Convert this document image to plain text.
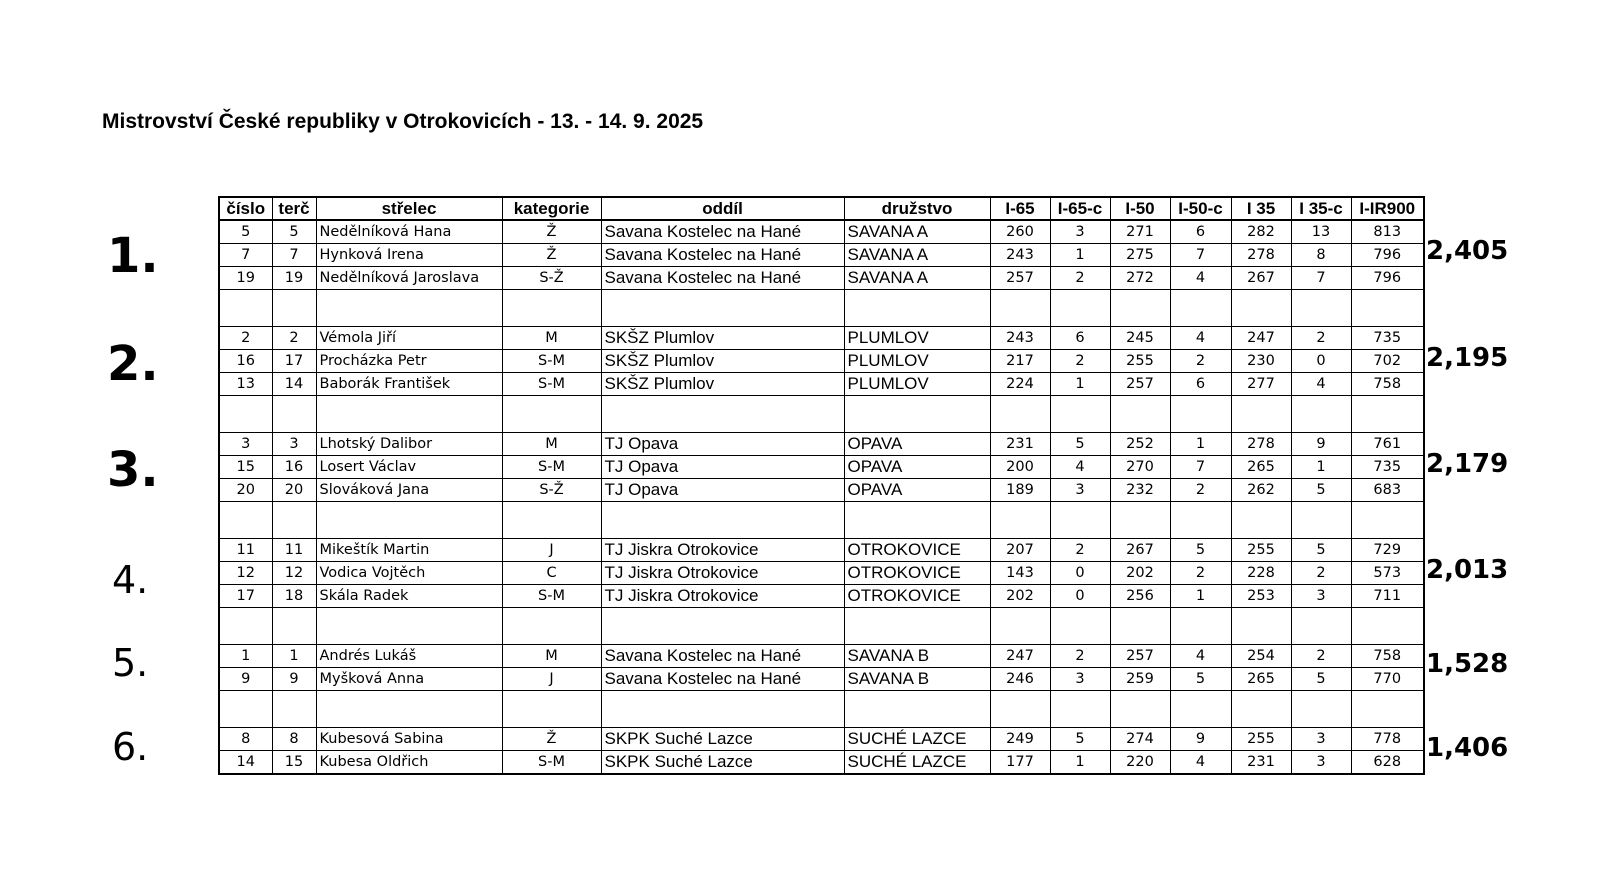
Mistrovství České republiky v Otrokovicích - 13. - 14. 9. 2025
číslo	terč	střelec	kategorie	oddíl	družstvo	I-65	I-65-c	I-50	I-50-c	I 35	I 35-c	I-IR900
5	5	Nedělníková Hana	Ž	Savana Kostelec na Hané	SAVANA A	260	3	271	6	282	13	813
7	7	Hynková Irena	Ž	Savana Kostelec na Hané	SAVANA A	243	1	275	7	278	8	796
19	19	Nedělníková Jaroslava	S-Ž	Savana Kostelec na Hané	SAVANA A	257	2	272	4	267	7	796

2	2	Vémola Jiří	M	SKŠZ Plumlov	PLUMLOV	243	6	245	4	247	2	735
16	17	Procházka Petr	S-M	SKŠZ Plumlov	PLUMLOV	217	2	255	2	230	0	702
13	14	Baborák František	S-M	SKŠZ Plumlov	PLUMLOV	224	1	257	6	277	4	758

3	3	Lhotský Dalibor	M	TJ Opava	OPAVA	231	5	252	1	278	9	761
15	16	Losert Václav	S-M	TJ Opava	OPAVA	200	4	270	7	265	1	735
20	20	Slováková Jana	S-Ž	TJ Opava	OPAVA	189	3	232	2	262	5	683

11	11	Mikeštík Martin	J	TJ Jiskra Otrokovice	OTROKOVICE	207	2	267	5	255	5	729
12	12	Vodica Vojtěch	C	TJ Jiskra Otrokovice	OTROKOVICE	143	0	202	2	228	2	573
17	18	Skála Radek	S-M	TJ Jiskra Otrokovice	OTROKOVICE	202	0	256	1	253	3	711

1	1	Andrés Lukáš	M	Savana Kostelec na Hané	SAVANA B	247	2	257	4	254	2	758
9	9	Myšková Anna	J	Savana Kostelec na Hané	SAVANA B	246	3	259	5	265	5	770

8	8	Kubesová Sabina	Ž	SKPK Suché Lazce	SUCHÉ LAZCE	249	5	274	9	255	3	778
14	15	Kubesa Oldřich	S-M	SKPK Suché Lazce	SUCHÉ LAZCE	177	1	220	4	231	3	628
1.	2,405
2.	2,195
3.	2,179
4.	2,013
5.	1,528
6.	1,406
